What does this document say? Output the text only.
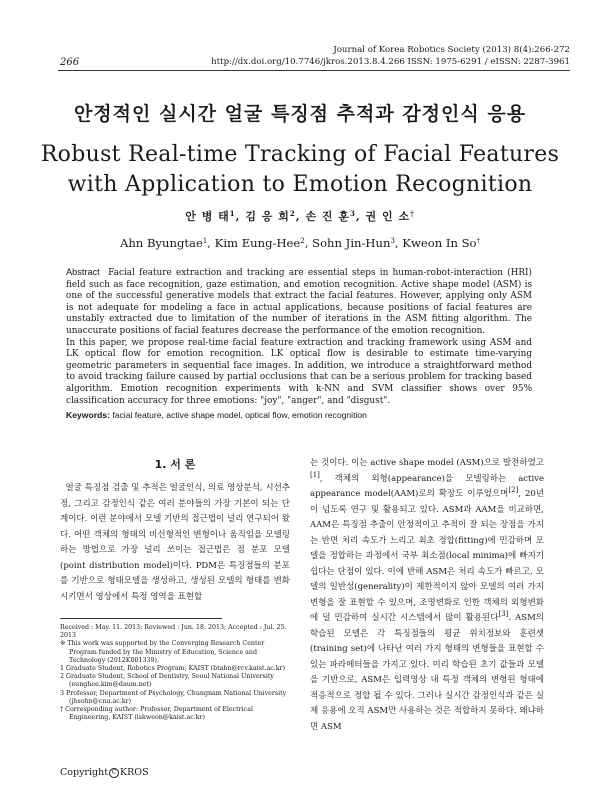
266
Journal of Korea Robotics Society (2013) 8(4):266-272
http://dx.doi.org/10.7746/jkros.2013.8.4.266 ISSN: 1975-6291 / eISSN: 2287-3961
안정적인 실시간 얼굴 특징점 추적과 감정인식 응용
Robust Real-time Tracking of Facial Features
with Application to Emotion Recognition
안 병 태$^1$, 김 응 희$^2$, 손 진 훈$^3$, 권 인 소†
Ahn Byungtae$^1$, Kim Eung-Hee$^2$, Sohn Jin-Hun$^3$, Kweon In So†

Abstract Facial feature extraction and tracking are essential steps in human-robot-interaction (HRI) field such as face recognition, gaze estimation, and emotion recognition. Active shape model (ASM) is one of the successful generative models that extract the facial features. However, applying only ASM is not adequate for modeling a face in actual applications, because positions of facial features are unstably extracted due to limitation of the number of iterations in the ASM fitting algorithm. The unaccurate positions of facial features decrease the performance of the emotion recognition.

In this paper, we propose real-time facial feature extraction and tracking framework using ASM and LK optical flow for emotion recognition. LK optical flow is desirable to estimate time-varying geometric parameters in sequential face images. In addition, we introduce a straightforward method to avoid tracking failure caused by partial occlusions that can be a serious problem for tracking based algorithm. Emotion recognition experiments with k-NN and SVM classifier shows over 95% classification accuracy for three emotions: "joy", "anger", and "disgust".

Keywords: facial feature, active shape model, optical flow, emotion recognition
1. 서 론

얼굴 특징점 검출 및 추적은 얼굴인식, 의료 영상분석, 시선추정, 그리고 감정인식 같은 여러 분야들의 가장 기본이 되는 단계이다. 이런 분야에서 모델 기반의 접근법이 널리 연구되어 왔다. 어떤 객체의 형태의 비선형적인 변형이나 움직임을 모델링하는 방법으로 가장 널리 쓰이는 접근법은 점 분포 모델 (point distribution model)이다. PDM은 특징점들의 분포를 기반으로 형태모델을 생성하고, 생성된 모델의 형태를 변화시키면서 영상에서 특정 영역을 표현할

는 것이다. 이는 active shape model (ASM)으로 발전하였고[1], 객체의 외형(appearance)을 모델링하는 active appearance model(AAM)로의 확장도 이루었으며[2], 20년이 넘도록 연구 및 활용되고 있다. ASM과 AAM을 비교하면, AAM은 특징점 추출이 안정적이고 추적이 잘 되는 장점을 가지는 반면 처리 속도가 느리고 최초 정합(fitting)에 민감하며 모델을 정합하는 과정에서 국부 최소점(local minima)에 빠지기 쉽다는 단점이 있다. 이에 반해 ASM은 처리 속도가 빠르고, 모델의 일반성(generality)이 제한적이지 않아 모델의 여러 가지 변형을 잘 표현할 수 있으며, 조명변화로 인한 객체의 외형변화에 덜 민감하여 실시간 시스템에서 많이 활용된다[3]. ASM의 학습된 모델은 각 특징점들의 평균 위치정보와 훈련셋(training set)에 나타난 여러 가지 형태의 변형들을 표현할 수 있는 파라메터들을 가지고 있다. 미리 학습된 초기 값들과 모델을 기반으로, ASM은 입력영상 내 특정 객체의 변형된 형태에 적응적으로 정합 될 수 있다. 그러나 실시간 감정인식과 같은 실제 응용에 오직 ASM만 사용하는 것은 적합하지 못하다. 왜냐하면 ASM

Received : May. 11. 2013; Reviewed : Jun. 18. 2013; Accepted : Jul. 25. 2013

※ This work was supported by the Converging Research Center Program funded by the Ministry of Education, Science and Technology (2012K001339).

1 Graduate Student, Robotics Program, KAIST (btahn@rcv.kaist.ac.kr)

2 Graduate Student, School of Dentistry, Seoul National University (eunghee.kim@daum.net)

3 Professor, Department of Psychology, Chungnam National University (jhsohn@cnu.ac.kr)

† Corresponding author: Professor, Department of Electrical Engineering, KAIST (iskweon@kaist.ac.kr)

Copyright C KROS
